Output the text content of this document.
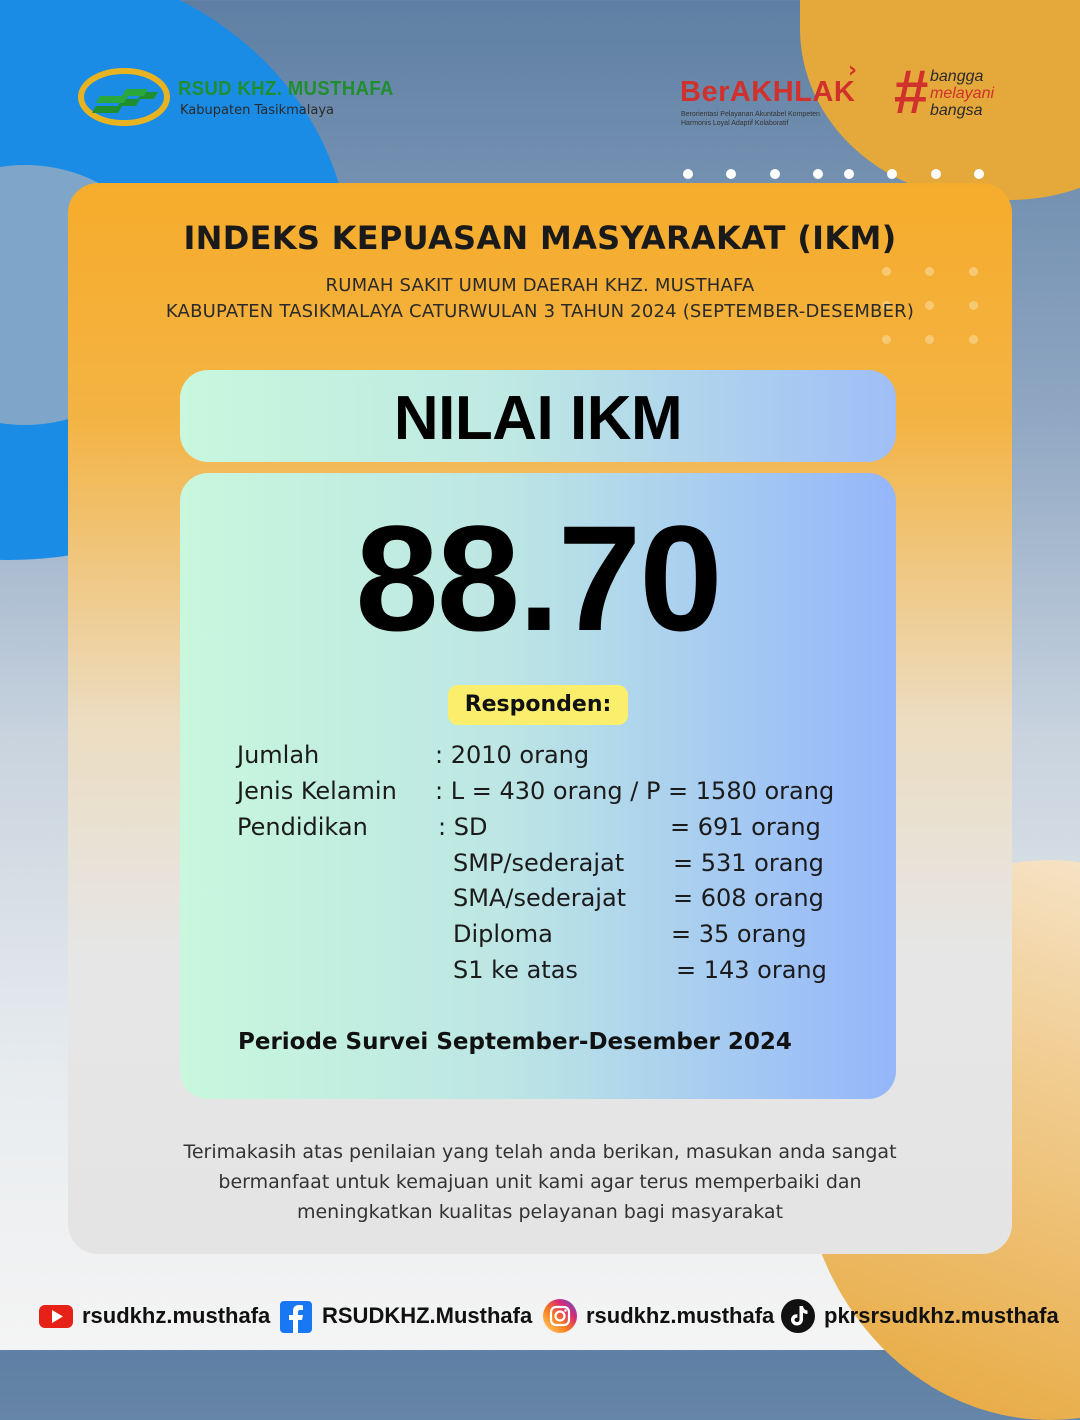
RSUD KHZ. MUSTHAFA
Kabupaten Tasikmalaya
BerAKHLAK
›
Berorientasi Pelayanan Akuntabel Kompeten
Harmonis Loyal Adaptif Kolaboratif # bangga
melayani
bangsa
INDEKS KEPUASAN MASYARAKAT (IKM)
RUMAH SAKIT UMUM DAERAH KHZ. MUSTHAFA
KABUPATEN TASIKMALAYA CATURWULAN 3 TAHUN 2024 (SEPTEMBER-DESEMBER)
NILAI IKM
88.70
Responden:
Jumlah	: 2010 orang
Jenis Kelamin : L = 430 orang / P = 1580 orang
Pendidikan	: SD	= 691 orang
SMP/sederajat = 531 orang
SMA/sederajat = 608 orang
Diploma	= 35 orang
S1 ke atas	= 143 orang
Periode Survei September-Desember 2024
Terimakasih atas penilaian yang telah anda berikan, masukan anda sangat
bermanfaat untuk kemajuan unit kami agar terus memperbaiki dan
meningkatkan kualitas pelayanan bagi masyarakat
rsudkhz.musthafa RSUDKHZ.Musthafa rsudkhz.musthafa pkrsrsudkhz.musthafa
